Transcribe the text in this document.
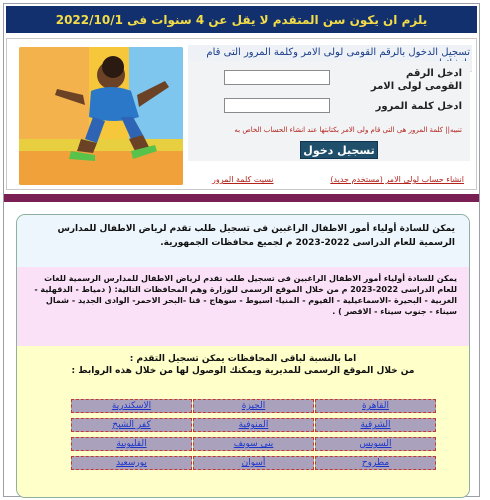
يلزم ان يكون سن المتقدم لا يقل عن 4 سنوات فى 2022/10/1
تسجيل الدخول بالرقم القومى لولى الامر وكلمة المرور التى قام
ادخل الرقم القومى لولى الامر
ادخل كلمة المرور
تنبيه|| كلمة المرور هى التى قام ولى الامر بكتابتها عند انشاء الحساب الخاص به
تسجيل دخول
انشاء حساب لولى الامر (مستخدم جديد)
نسيت كلمة المرور
يمكن للسادة أولياء أمور الاطفال الراغبين فى تسجيل طلب تقدم لرياض الاطفال للمدارس الرسمية للعام الدراسى 2022-2023 م لجميع محافظات الجمهورية.
يمكن للسادة أولياء أمور الاطفال الراغبين فى تسجيل طلب تقدم لرياض الاطفال للمدارس الرسمية للغات للعام الدراسى 2022-2023 م من خلال الموقع الرسمى للوزارة وهم المحافظات التالية: ( دمياط - الدقهلية - الغربية - البحيرة -الاسماعيلية - الفيوم - المنيا- اسيوط - سوهاج - قنا -البحر الاحمر- الوادى الجديد - شمال سيناء - جنوب سيناء - الاقصر ) .
اما بالنسبة لباقى المحافظات يمكن تسجيل التقدم :
من خلال الموقع الرسمى للمديرية ويمكنك الوصول لها من خلال هذه الروابط :
القاهرة
الشرقية
السويس
مطروح
الجيزة
المنوفية
بنى سويف
أسوان
الاسكندرية
كفر الشيخ
القليوبية
بورسعيد
